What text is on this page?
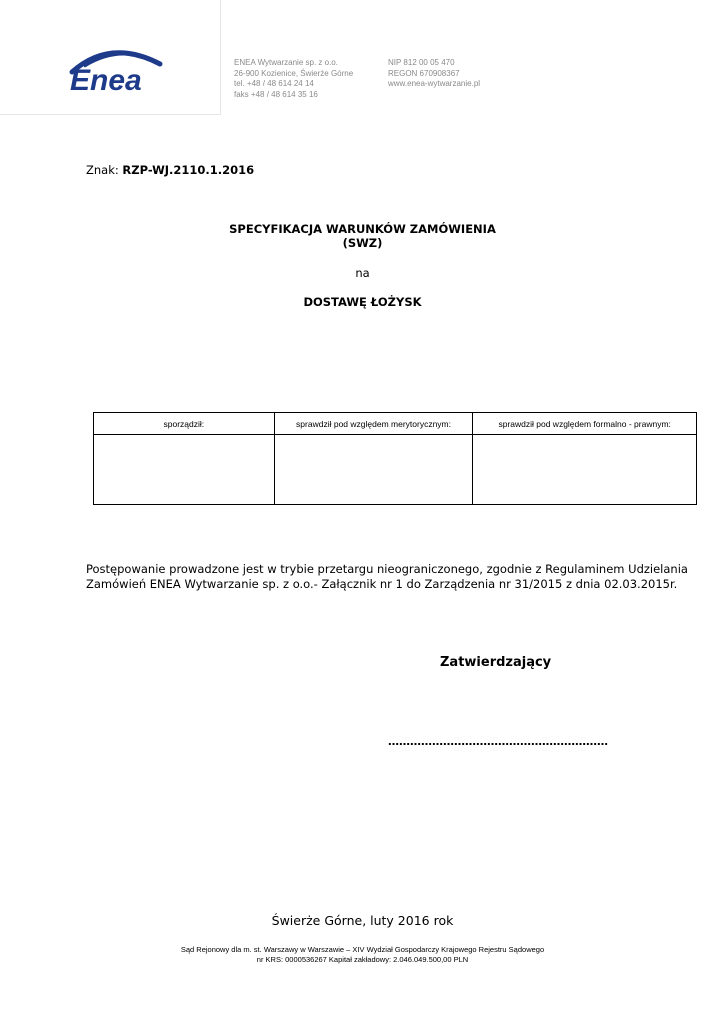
Enea
ENEA Wytwarzanie sp. z o.o.
26-900 Kozienice, Świerże Górne
tel. +48 / 48 614 24 14
faks +48 / 48 614 35 16
NIP 812 00 05 470
REGON 670908367
www.enea-wytwarzanie.pl
Znak: RZP-WJ.2110.1.2016
SPECYFIKACJA WARUNKÓW ZAMÓWIENIA
(SWZ)
na
DOSTAWĘ ŁOŻYSK
sporządził:	sprawdził pod względem merytorycznym:	sprawdził pod względem formalno - prawnym:

Postępowanie prowadzone jest w trybie przetargu nieograniczonego, zgodnie z Regulaminem Udzielania
Zamówień ENEA Wytwarzanie sp. z o.o.- Załącznik nr 1 do Zarządzenia nr 31/2015 z dnia 02.03.2015r.
Zatwierdzający
……………………………………………………
Świerże Górne, luty 2016 rok
Sąd Rejonowy dla m. st. Warszawy w Warszawie – XIV Wydział Gospodarczy Krajowego Rejestru Sądowego
nr KRS: 0000536267 Kapitał zakładowy: 2.046.049.500,00 PLN
